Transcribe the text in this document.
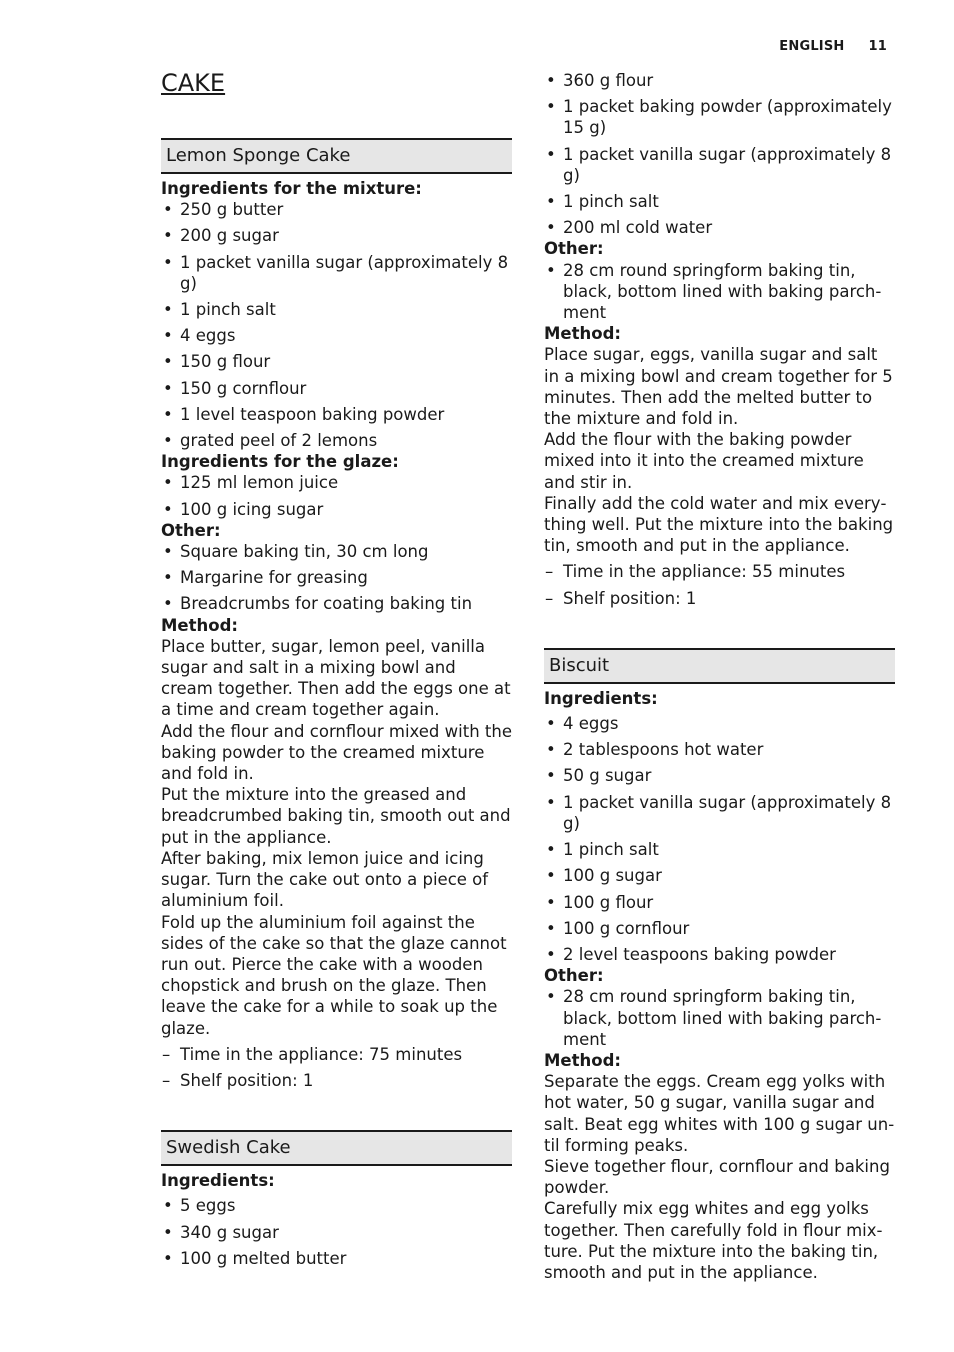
ENGLISH 11
CAKE
Lemon Sponge Cake

Ingredients for the mixture:

• 250 g butter
• 200 g sugar
• 1 packet vanilla sugar (approximately 8 g)
• 1 pinch salt
• 4 eggs
• 150 g flour
• 150 g cornflour
• 1 level teaspoon baking powder
• grated peel of 2 lemons

Ingredients for the glaze:

• 125 ml lemon juice
• 100 g icing sugar

Other:

• Square baking tin, 30 cm long
• Margarine for greasing
• Breadcrumbs for coating baking tin

Method:

Place butter, sugar, lemon peel, vanilla sugar and salt in a mixing bowl and cream together. Then add the eggs one at a time and cream together again.

Add the flour and cornflour mixed with the baking powder to the creamed mixture and fold in.

Put the mixture into the greased and breadcrumbed baking tin, smooth out and put in the appliance.

After baking, mix lemon juice and icing sugar. Turn the cake out onto a piece of aluminium foil.

Fold up the aluminium foil against the sides of the cake so that the glaze cannot run out. Pierce the cake with a wooden chopstick and brush on the glaze. Then leave the cake for a while to soak up the glaze.

– Time in the appliance: 75 minutes
– Shelf position: 1
Swedish Cake

Ingredients:

• 5 eggs
• 340 g sugar
• 100 g melted butter
• 360 g flour
• 1 packet baking powder (approximately 15 g)
• 1 packet vanilla sugar (approximately 8 g)
• 1 pinch salt
• 200 ml cold water

Other:

• 28 cm round springform baking tin, black, bottom lined with baking parchment

Method:

Place sugar, eggs, vanilla sugar and salt in a mixing bowl and cream together for 5 minutes. Then add the melted butter to the mixture and fold in.

Add the flour with the baking powder mixed into it into the creamed mixture and stir in.

Finally add the cold water and mix everything well. Put the mixture into the baking tin, smooth and put in the appliance.

– Time in the appliance: 55 minutes
– Shelf position: 1
Biscuit

Ingredients:

• 4 eggs
• 2 tablespoons hot water
• 50 g sugar
• 1 packet vanilla sugar (approximately 8 g)
• 1 pinch salt
• 100 g sugar
• 100 g flour
• 100 g cornflour
• 2 level teaspoons baking powder

Other:

• 28 cm round springform baking tin, black, bottom lined with baking parchment

Method:

Separate the eggs. Cream egg yolks with hot water, 50 g sugar, vanilla sugar and salt. Beat egg whites with 100 g sugar until forming peaks.

Sieve together flour, cornflour and baking powder.

Carefully mix egg whites and egg yolks together. Then carefully fold in flour mixture. Put the mixture into the baking tin, smooth and put in the appliance.
